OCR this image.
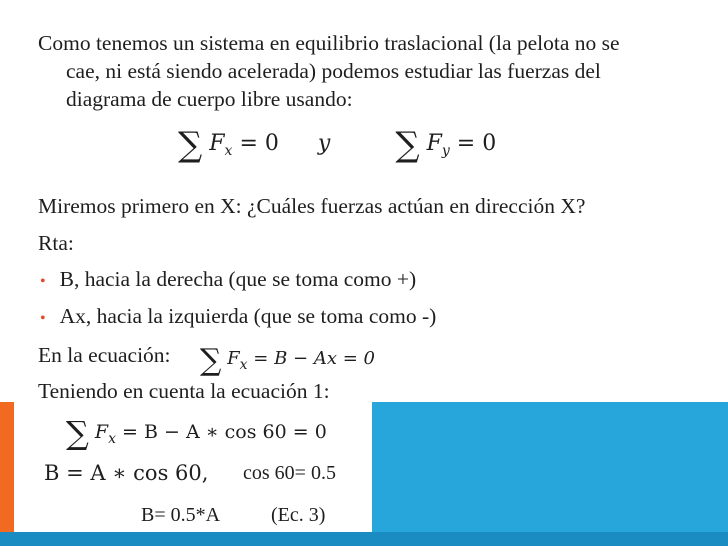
Como tenemos un sistema en equilibrio traslacional (la pelota no se
cae, ni está siendo acelerada) podemos estudiar las fuerzas del
diagrama de cuerpo libre usando:
∑ $F_x = 0$ y ∑ $F_y = 0$
Miremos primero en X: ¿Cuáles fuerzas actúan en dirección X?
Rta:
• B, hacia la derecha (que se toma como +)
• Ax, hacia la izquierda (que se toma como -)
En la ecuación: ∑ $F_x = B - Ax = 0$
Teniendo en cuenta la ecuación 1:
∑ $F_x = B - A$ ∗ cos 60 = 0
B = A ∗ cos 60, cos 60= 0.5
B= 0.5*A	(Ec. 3)
